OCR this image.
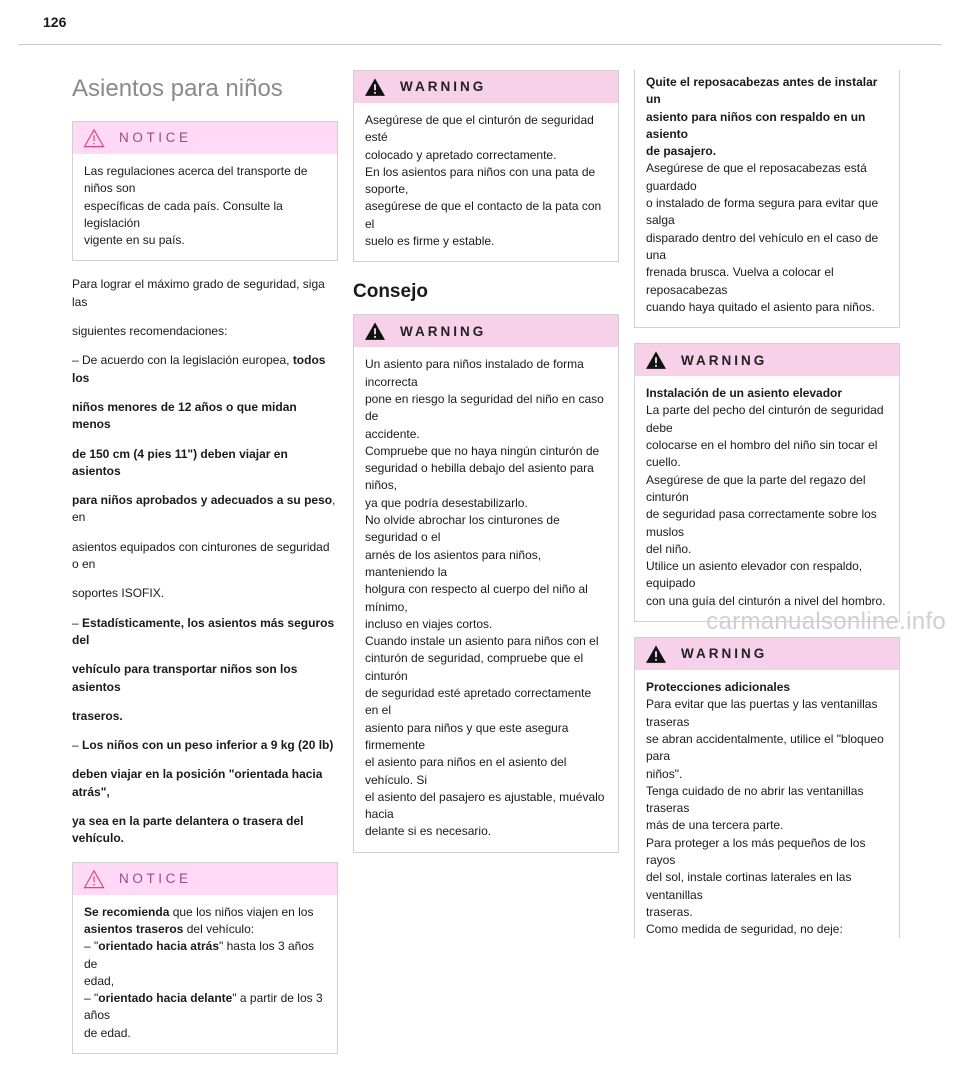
126
Asientos para niños
NOTICE

Las regulaciones acerca del transporte de niños son

específicas de cada país. Consulte la legislación

vigente en su país.

Para lograr el máximo grado de seguridad, siga las

siguientes recomendaciones:

– De acuerdo con la legislación europea, todos los

niños menores de 12 años o que midan menos

de 150 cm (4 pies 11") deben viajar en asientos

para niños aprobados y adecuados a su peso, en

asientos equipados con cinturones de seguridad o en

soportes ISOFIX.

– Estadísticamente, los asientos más seguros del

vehículo para transportar niños son los asientos

traseros.

– Los niños con un peso inferior a 9 kg (20 lb)

deben viajar en la posición "orientada hacia atrás",

ya sea en la parte delantera o trasera del vehículo.

NOTICE

Se recomienda que los niños viajen en los

asientos traseros del vehículo:

– "orientado hacia atrás" hasta los 3 años de

edad,

– "orientado hacia delante" a partir de los 3 años

de edad.

WARNING

Asegúrese de que el cinturón de seguridad esté

colocado y apretado correctamente.

En los asientos para niños con una pata de soporte,

asegúrese de que el contacto de la pata con el

suelo es firme y estable.

Consejo
WARNING

Un asiento para niños instalado de forma incorrecta

pone en riesgo la seguridad del niño en caso de

accidente.

Compruebe que no haya ningún cinturón de

seguridad o hebilla debajo del asiento para niños,

ya que podría desestabilizarlo.

No olvide abrochar los cinturones de seguridad o el

arnés de los asientos para niños, manteniendo la

holgura con respecto al cuerpo del niño al mínimo,

incluso en viajes cortos.

Cuando instale un asiento para niños con el

cinturón de seguridad, compruebe que el cinturón

de seguridad esté apretado correctamente en el

asiento para niños y que este asegura firmemente

el asiento para niños en el asiento del vehículo. Si

el asiento del pasajero es ajustable, muévalo hacia

delante si es necesario.

Quite el reposacabezas antes de instalar un

asiento para niños con respaldo en un asiento

de pasajero.

Asegúrese de que el reposacabezas está guardado

o instalado de forma segura para evitar que salga

disparado dentro del vehículo en el caso de una

frenada brusca. Vuelva a colocar el reposacabezas

cuando haya quitado el asiento para niños.

WARNING

Instalación de un asiento elevador

La parte del pecho del cinturón de seguridad debe

colocarse en el hombro del niño sin tocar el cuello.

Asegúrese de que la parte del regazo del cinturón

de seguridad pasa correctamente sobre los muslos

del niño.

Utilice un asiento elevador con respaldo, equipado

con una guía del cinturón a nivel del hombro.

WARNING

Protecciones adicionales

Para evitar que las puertas y las ventanillas traseras

se abran accidentalmente, utilice el "bloqueo para

niños".

Tenga cuidado de no abrir las ventanillas traseras

más de una tercera parte.

Para proteger a los más pequeños de los rayos

del sol, instale cortinas laterales en las ventanillas

traseras.

Como medida de seguridad, no deje:

carmanualsonline.info
